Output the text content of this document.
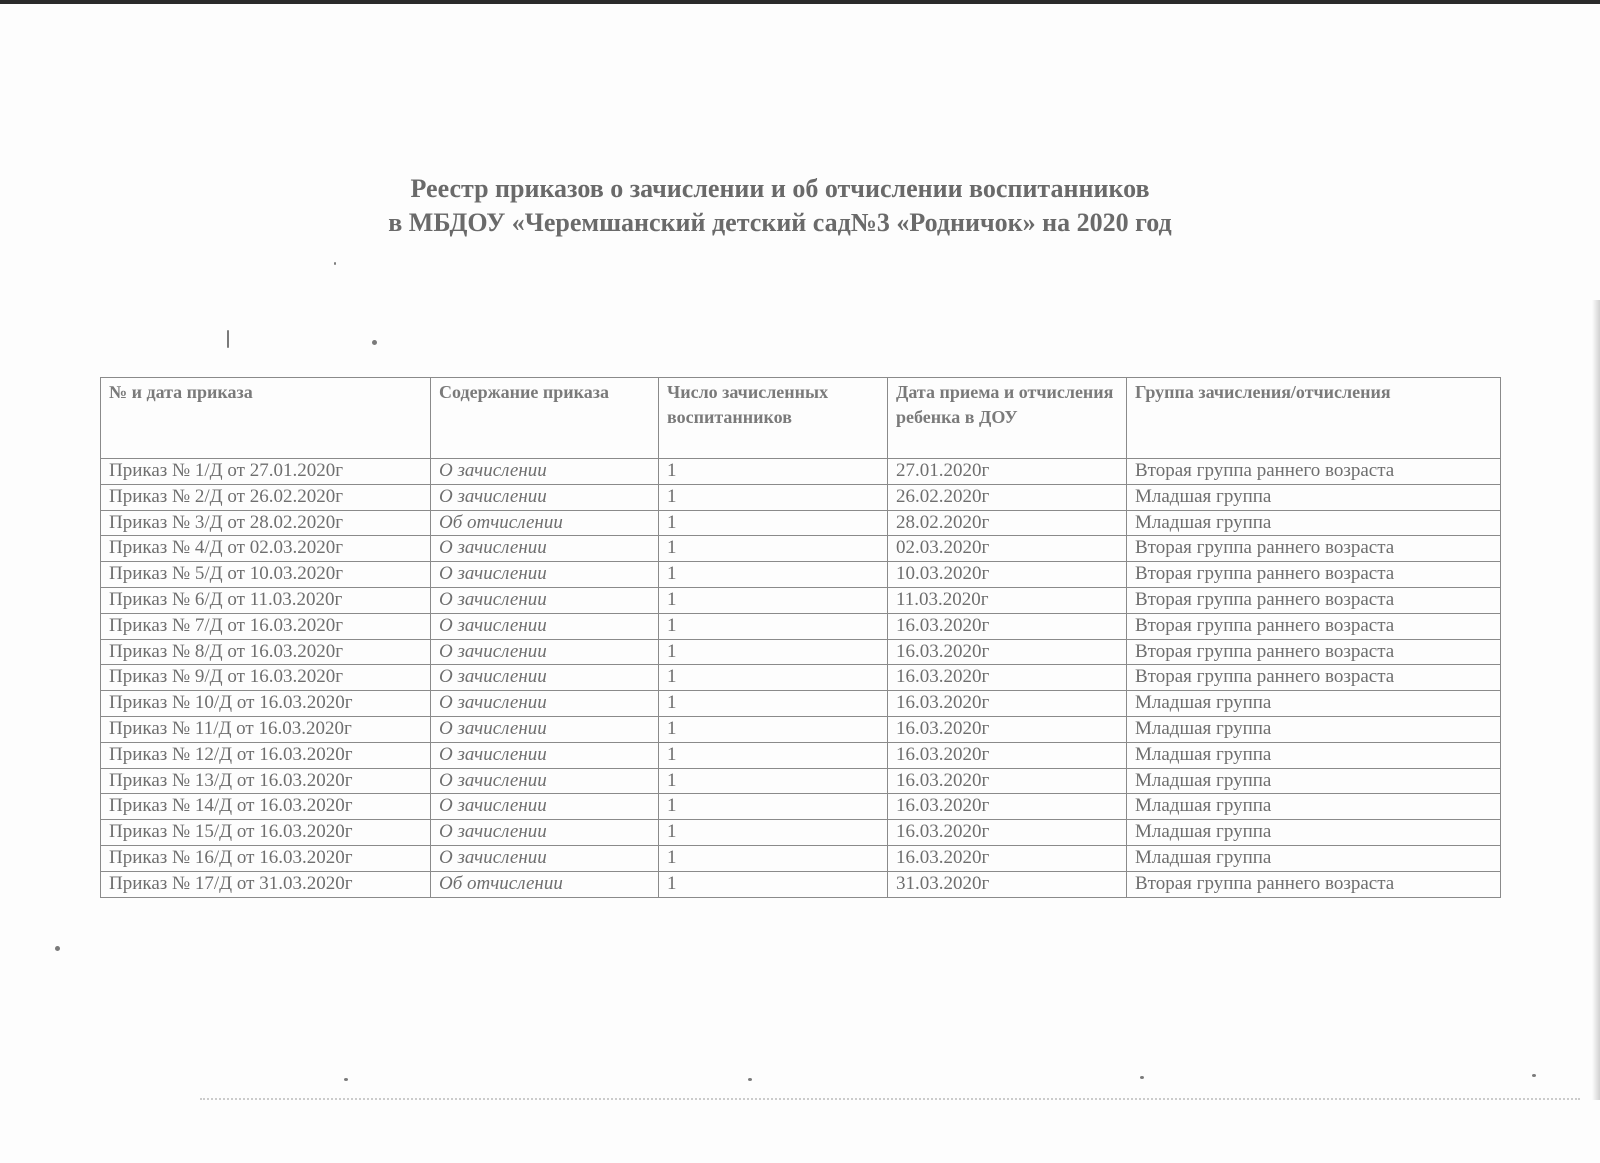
Реестр приказов о зачислении и об отчислении воспитанников
в МБДОУ «Черемшанский детский сад№3 «Родничок» на 2020 год
№ и дата приказа	Содержание приказа	Число зачисленных воспитанников	Дата приема и отчисления ребенка в ДОУ	Группа зачисления/отчисления
Приказ № 1/Д от 27.01.2020г	О зачислении	1	27.01.2020г	Вторая группа раннего возраста
Приказ № 2/Д от 26.02.2020г	О зачислении	1	26.02.2020г	Младшая группа
Приказ № 3/Д от 28.02.2020г	Об отчислении	1	28.02.2020г	Младшая группа
Приказ № 4/Д от 02.03.2020г	О зачислении	1	02.03.2020г	Вторая группа раннего возраста
Приказ № 5/Д от 10.03.2020г	О зачислении	1	10.03.2020г	Вторая группа раннего возраста
Приказ № 6/Д от 11.03.2020г	О зачислении	1	11.03.2020г	Вторая группа раннего возраста
Приказ № 7/Д от 16.03.2020г	О зачислении	1	16.03.2020г	Вторая группа раннего возраста
Приказ № 8/Д от 16.03.2020г	О зачислении	1	16.03.2020г	Вторая группа раннего возраста
Приказ № 9/Д от 16.03.2020г	О зачислении	1	16.03.2020г	Вторая группа раннего возраста
Приказ № 10/Д от 16.03.2020г	О зачислении	1	16.03.2020г	Младшая группа
Приказ № 11/Д от 16.03.2020г	О зачислении	1	16.03.2020г	Младшая группа
Приказ № 12/Д от 16.03.2020г	О зачислении	1	16.03.2020г	Младшая группа
Приказ № 13/Д от 16.03.2020г	О зачислении	1	16.03.2020г	Младшая группа
Приказ № 14/Д от 16.03.2020г	О зачислении	1	16.03.2020г	Младшая группа
Приказ № 15/Д от 16.03.2020г	О зачислении	1	16.03.2020г	Младшая группа
Приказ № 16/Д от 16.03.2020г	О зачислении	1	16.03.2020г	Младшая группа
Приказ № 17/Д от 31.03.2020г	Об отчислении	1	31.03.2020г	Вторая группа раннего возраста
